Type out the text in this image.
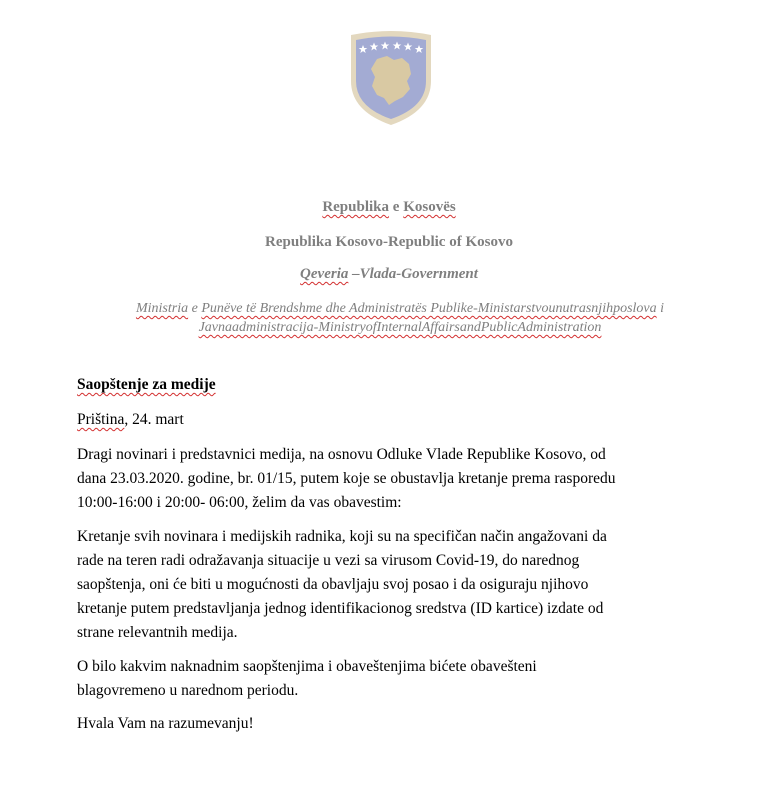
Republika e Kosovës
Republika Kosovo-Republic of Kosovo
Qeveria –Vlada-Government
Ministria e Punëve të Brendshme dhe Administratës Publike-Ministarstvounutrasnjihposlova i
Javnaadministracija-MinistryofInternalAffairsandPublicAdministration
Saopštenje za medije
Priština, 24. mart
Dragi novinari i predstavnici medija, na osnovu Odluke Vlade Republike Kosovo, od
dana 23.03.2020. godine, br. 01/15, putem koje se obustavlja kretanje prema rasporedu
10:00-16:00 i 20:00- 06:00, želim da vas obavestim:
Kretanje svih novinara i medijskih radnika, koji su na specifičan način angažovani da
rade na teren radi odražavanja situacije u vezi sa virusom Covid-19, do narednog
saopštenja, oni će biti u mogućnosti da obavljaju svoj posao i da osiguraju njihovo
kretanje putem predstavljanja jednog identifikacionog sredstva (ID kartice) izdate od
strane relevantnih medija.
O bilo kakvim naknadnim saopštenjima i obaveštenjima bićete obavešteni
blagovremeno u narednom periodu.
Hvala Vam na razumevanju!
